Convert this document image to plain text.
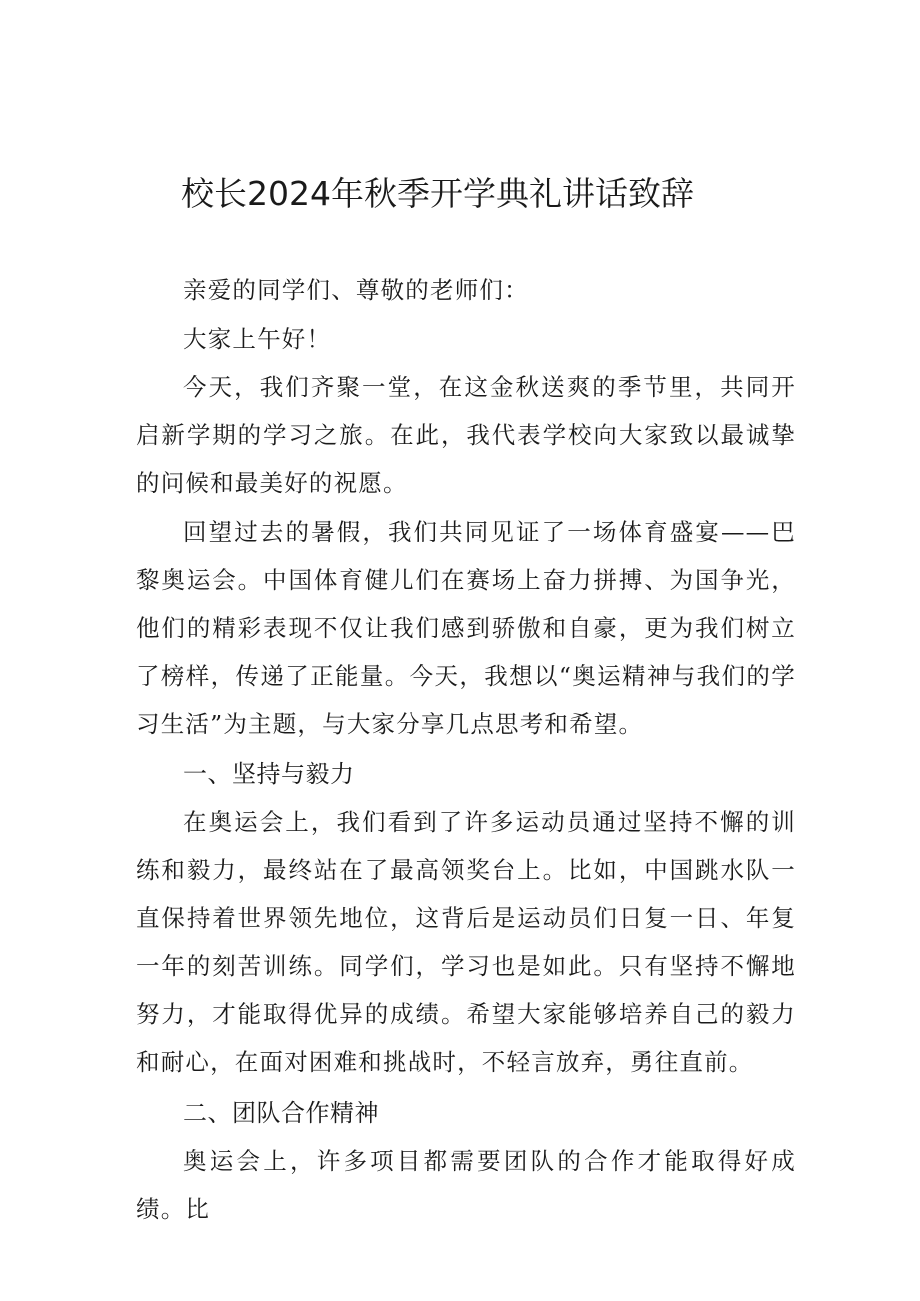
校长2024年秋季开学典礼讲话致辞

亲爱的同学们、尊敬的老师们：

大家上午好！

今天，我们齐聚一堂，在这金秋送爽的季节里，共同开启新学期的学习之旅。在此，我代表学校向大家致以最诚挚的问候和最美好的祝愿。

回望过去的暑假，我们共同见证了一场体育盛宴——巴黎奥运会。中国体育健儿们在赛场上奋力拼搏、为国争光，他们的精彩表现不仅让我们感到骄傲和自豪，更为我们树立了榜样，传递了正能量。今天，我想以“奥运精神与我们的学习生活”为主题，与大家分享几点思考和希望。

一、坚持与毅力

在奥运会上，我们看到了许多运动员通过坚持不懈的训练和毅力，最终站在了最高领奖台上。比如，中国跳水队一直保持着世界领先地位，这背后是运动员们日复一日、年复一年的刻苦训练。同学们，学习也是如此。只有坚持不懈地努力，才能取得优异的成绩。希望大家能够培养自己的毅力和耐心，在面对困难和挑战时，不轻言放弃，勇往直前。

二、团队合作精神

奥运会上，许多项目都需要团队的合作才能取得好成绩。比
